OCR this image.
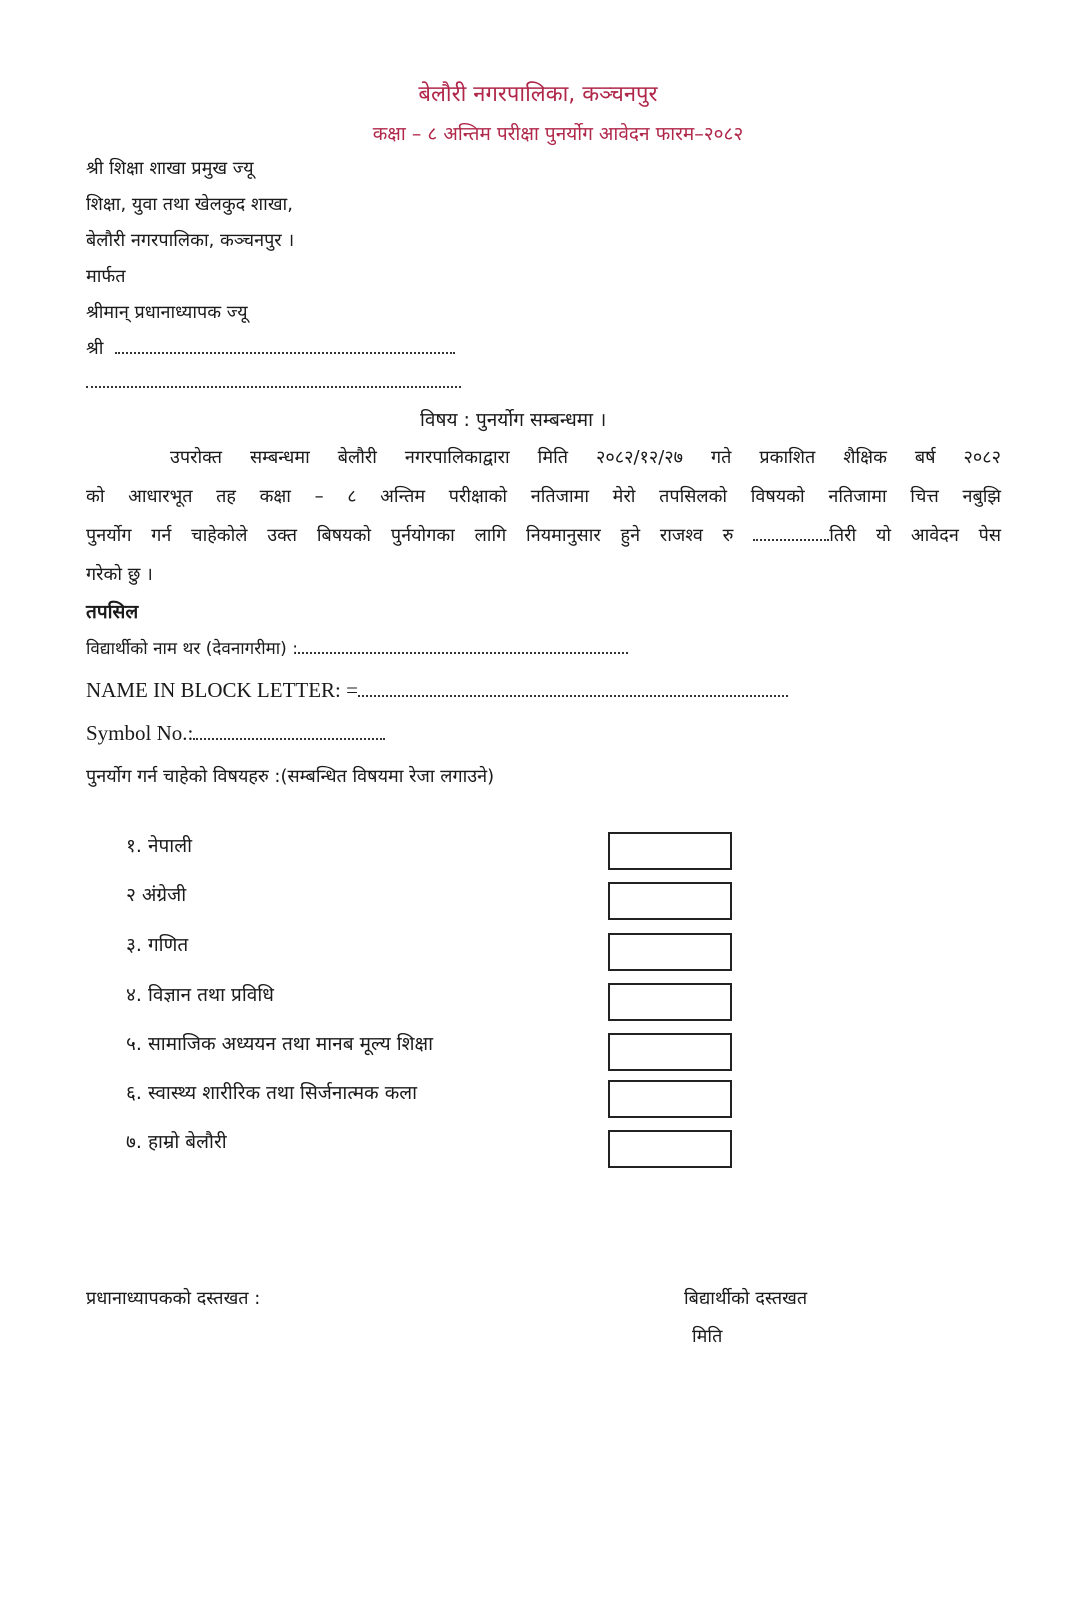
बेलौरी नगरपालिका, कञ्चनपुर
कक्षा – ८ अन्तिम परीक्षा पुनर्योग आवेदन फारम–२०८२
श्री शिक्षा शाखा प्रमुख ज्यू
शिक्षा, युवा तथा खेलकुद शाखा,
बेलौरी नगरपालिका, कञ्चनपुर ।
मार्फत
श्रीमान् प्रधानाध्यापक ज्यू
श्री
विषय : पुनर्योग सम्बन्धमा ।

उपरोक्त सम्बन्धमा बेलौरी नगरपालिकाद्वारा मिति २०८२/१२/२७ गते प्रकाशित शैक्षिक बर्ष २०८२

को आधारभूत तह कक्षा – ८ अन्तिम परीक्षाको नतिजामा मेरो तपसिलको विषयको नतिजामा चित्त नबुझि

पुनर्योग गर्न चाहेकोले उक्त बिषयको पुर्नयोगका लागि नियमानुसार हुने राजश्व रु	तिरी यो आवेदन पेस

गरेको छु ।

तपसिल
विद्यार्थीको नाम थर (देवनागरीमा) :
NAME IN BLOCK LETTER: =
Symbol No.:
पुनर्योग गर्न चाहेको विषयहरु :(सम्बन्धित विषयमा रेजा लगाउने)
१. नेपाली
२ अंग्रेजी
३. गणित
४. विज्ञान तथा प्रविधि
५. सामाजिक अध्ययन तथा मानब मूल्य शिक्षा
६. स्वास्थ्य शारीरिक तथा सिर्जनात्मक कला
७. हाम्रो बेलौरी
प्रधानाध्यापकको दस्तखत :	बिद्यार्थीको दस्तखत
मिति
